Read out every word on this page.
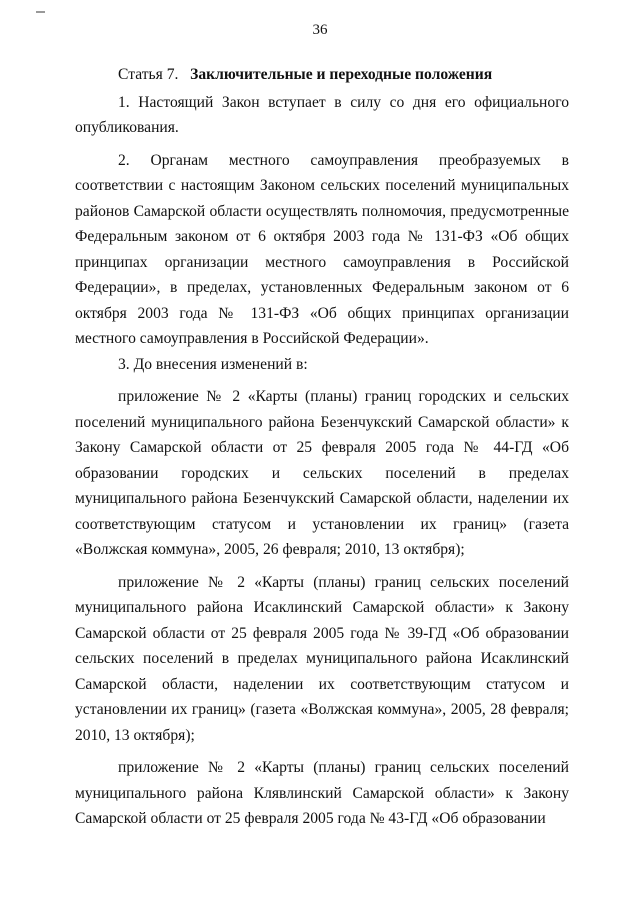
36
Статья 7. Заключительные и переходные положения

1. Настоящий Закон вступает в силу со дня его официального опубликования.

2. Органам местного самоуправления преобразуемых в соответствии с настоящим Законом сельских поселений муниципальных районов Самарской области осуществлять полномочия, предусмотренные Федеральным законом от 6 октября 2003 года № 131-ФЗ «Об общих принципах организации местного самоуправления в Российской Федерации», в пределах, установленных Федеральным законом от 6 октября 2003 года № 131-ФЗ «Об общих принципах организации местного самоуправления в Российской Федерации».

3. До внесения изменений в:

приложение № 2 «Карты (планы) границ городских и сельских поселений муниципального района Безенчукский Самарской области» к Закону Самарской области от 25 февраля 2005 года № 44-ГД «Об образовании городских и сельских поселений в пределах муниципального района Безенчукский Самарской области, наделении их соответствующим статусом и установлении их границ» (газета «Волжская коммуна», 2005, 26 февраля; 2010, 13 октября);

приложение № 2 «Карты (планы) границ сельских поселений муниципального района Исаклинский Самарской области» к Закону Самарской области от 25 февраля 2005 года № 39-ГД «Об образовании сельских поселений в пределах муниципального района Исаклинский Самарской области, наделении их соответствующим статусом и установлении их границ» (газета «Волжская коммуна», 2005, 28 февраля; 2010, 13 октября);

приложение № 2 «Карты (планы) границ сельских поселений муниципального района Клявлинский Самарской области» к Закону Самарской области от 25 февраля 2005 года № 43-ГД «Об образовании
